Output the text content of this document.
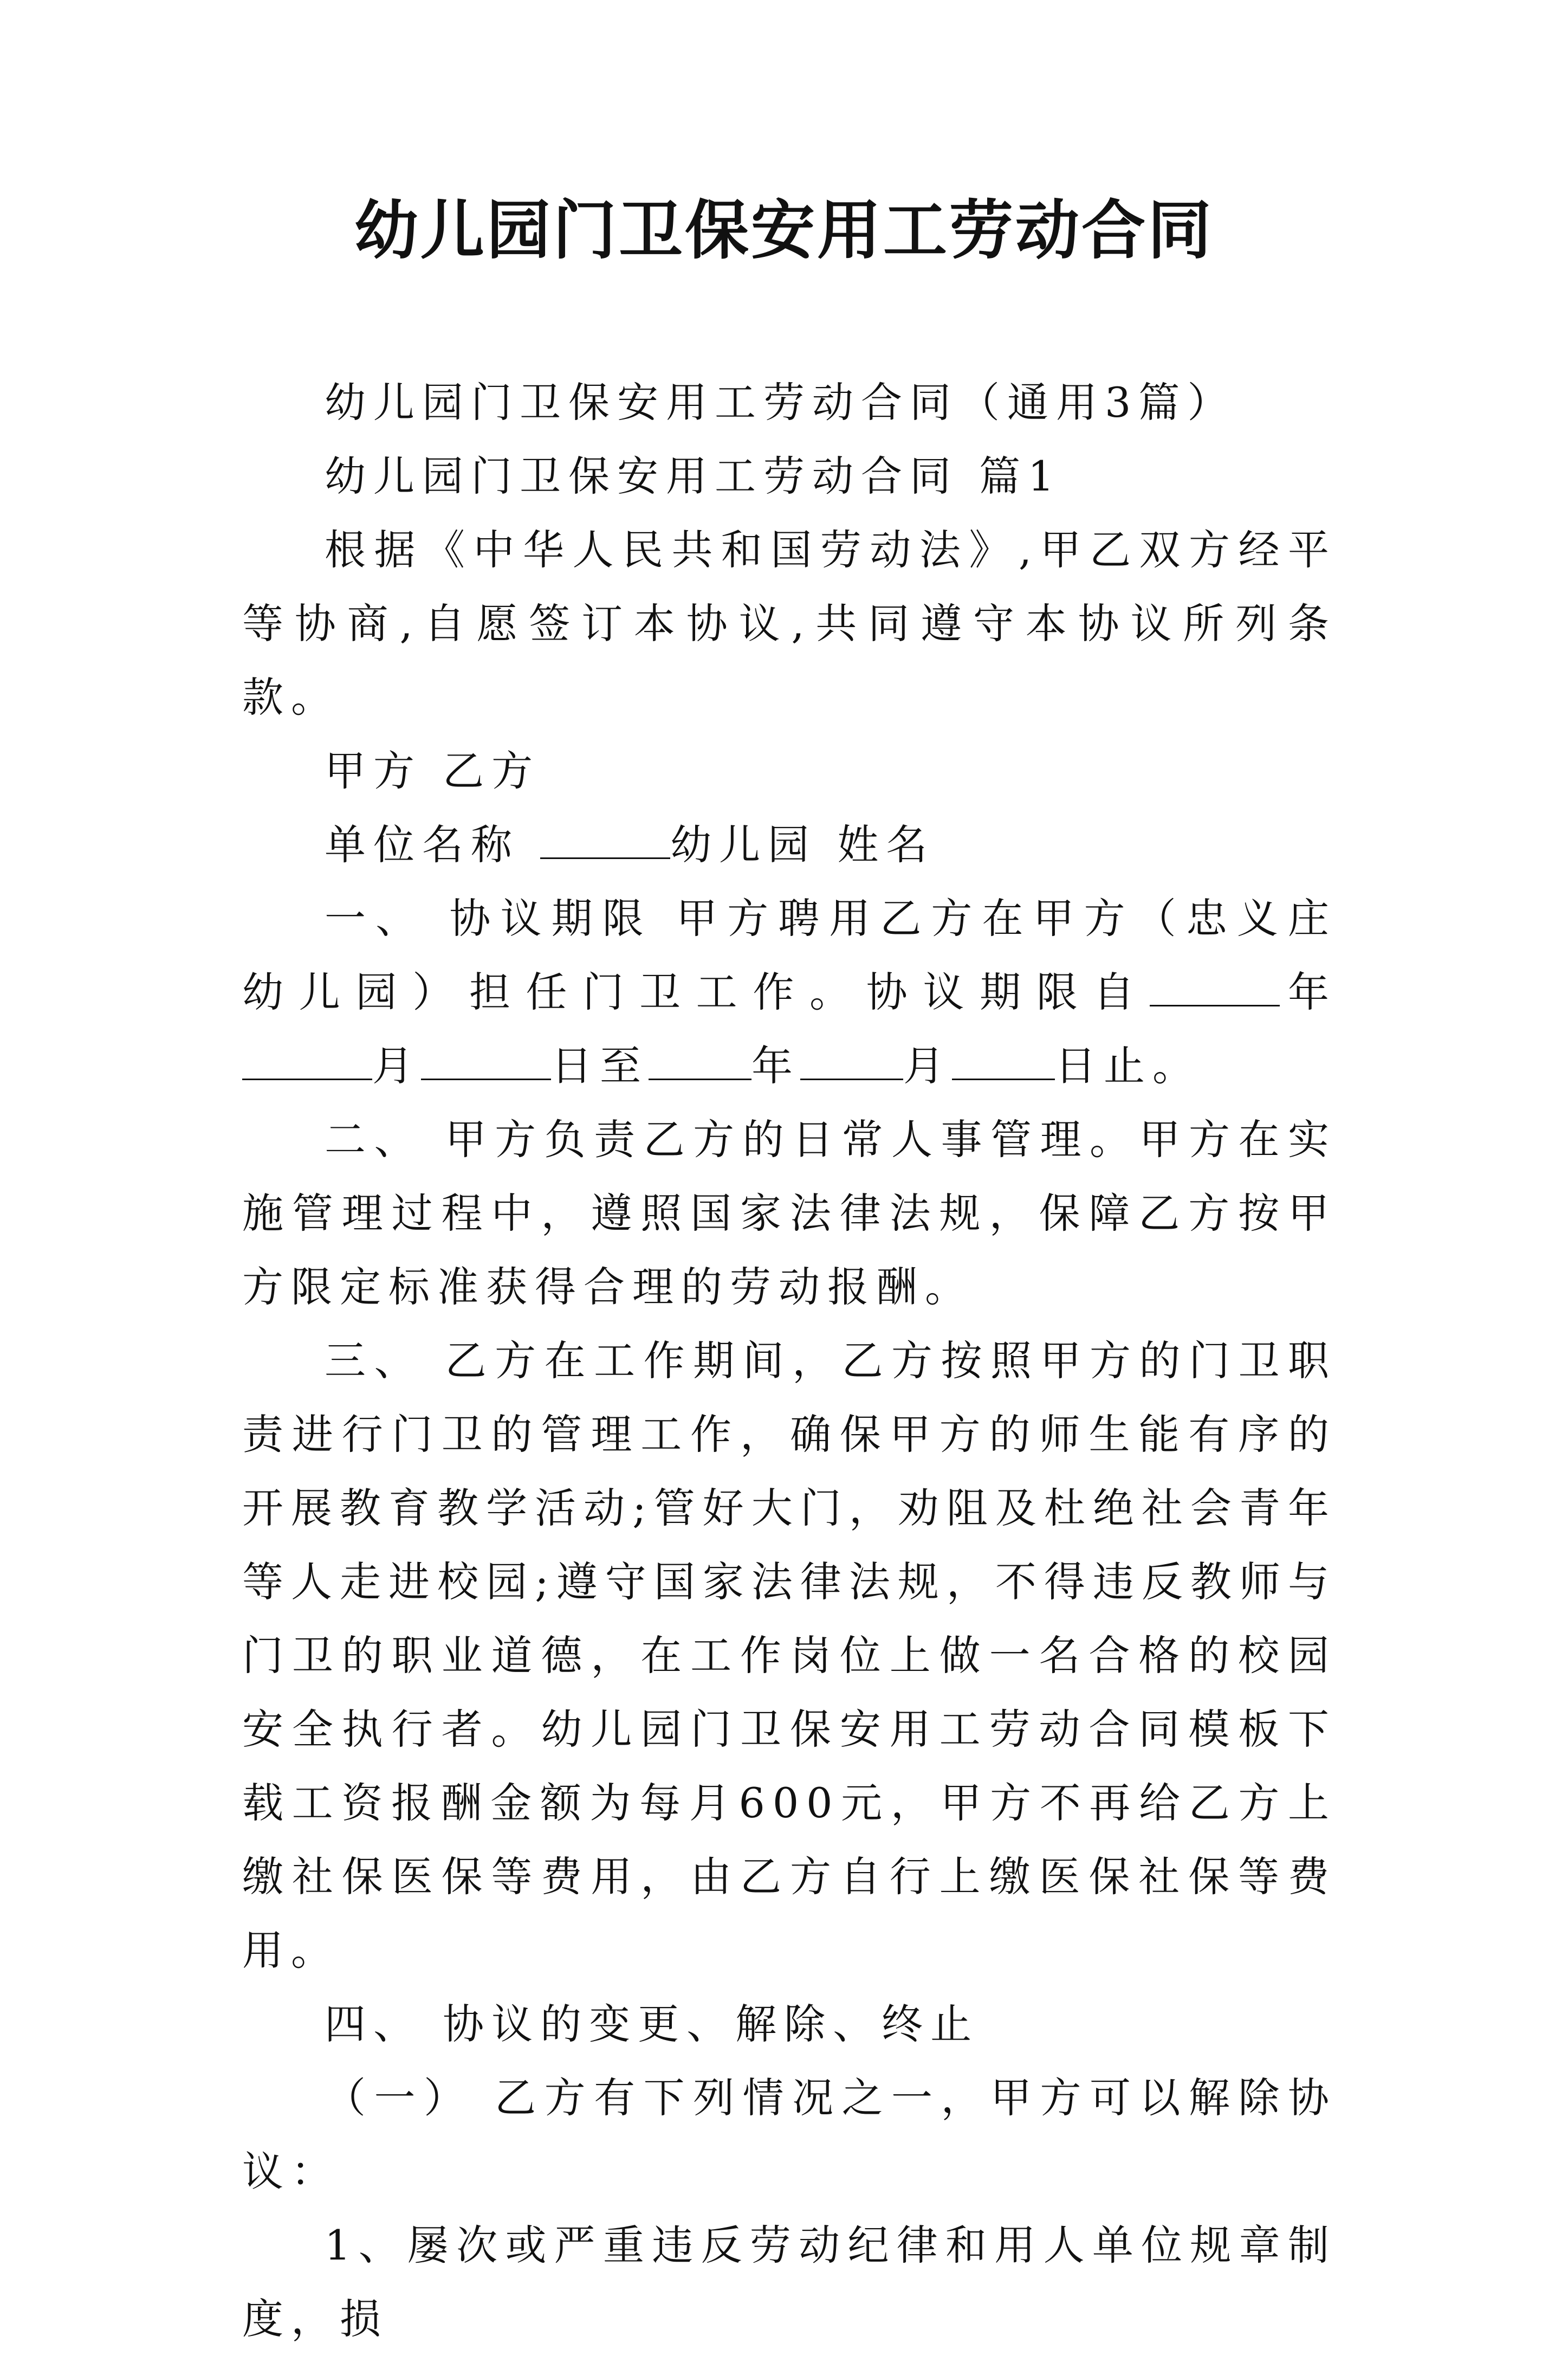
幼儿园门卫保安用工劳动合同

幼儿园门卫保安用工劳动合同（通用3篇）

幼儿园门卫保安用工劳动合同 篇1

根据《中华人民共和国劳动法》,甲乙双方经平等协商,自愿签订本协议,共同遵守本协议所列条款。

甲方 乙方

单位名称	幼儿园 姓名

一、 协议期限 甲方聘用乙方在甲方（忠义庄幼儿园）担任门卫工作。协议期限自	年 月	日至	年	月	日止。

二、 甲方负责乙方的日常人事管理。甲方在实施管理过程中，遵照国家法律法规，保障乙方按甲方限定标准获得合理的劳动报酬。

三、 乙方在工作期间，乙方按照甲方的门卫职责进行门卫的管理工作，确保甲方的师生能有序的开展教育教学活动;管好大门，劝阻及杜绝社会青年等人走进校园;遵守国家法律法规，不得违反教师与门卫的职业道德，在工作岗位上做一名合格的校园安全执行者。幼儿园门卫保安用工劳动合同模板下载工资报酬金额为每月600元，甲方不再给乙方上缴社保医保等费用，由乙方自行上缴医保社保等费用。

四、 协议的变更、解除、终止

（一） 乙方有下列情况之一，甲方可以解除协议：

1、屡次或严重违反劳动纪律和用人单位规章制度，损
